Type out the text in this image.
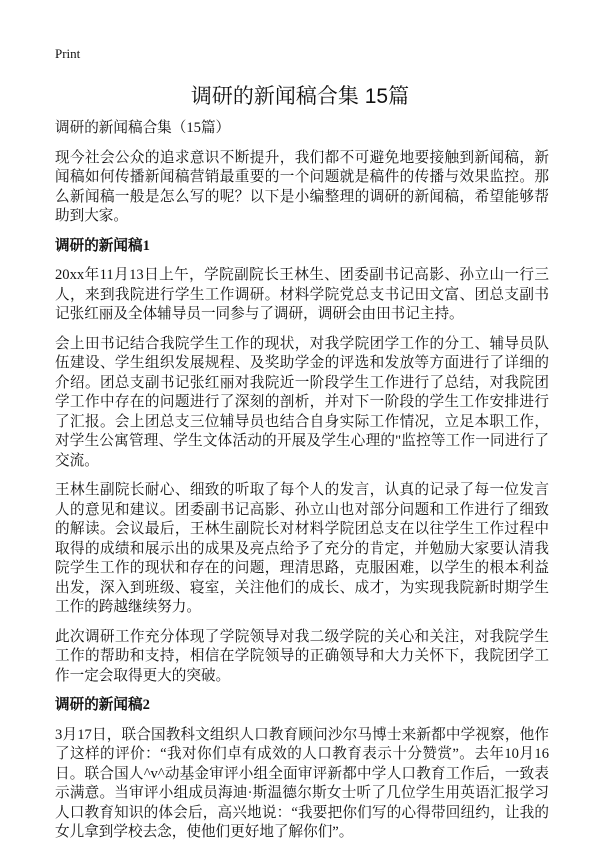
Print
调研的新闻稿合集 15篇

调研的新闻稿合集（15篇）

现今社会公众的追求意识不断提升，我们都不可避免地要接触到新闻稿，新闻稿如何传播新闻稿营销最重要的一个问题就是稿件的传播与效果监控。那么新闻稿一般是怎么写的呢？以下是小编整理的调研的新闻稿，希望能够帮助到大家。

调研的新闻稿1

20xx年11月13日上午，学院副院长王林生、团委副书记高影、孙立山一行三人，来到我院进行学生工作调研。材料学院党总支书记田文富、团总支副书记张红丽及全体辅导员一同参与了调研，调研会由田书记主持。

会上田书记结合我院学生工作的现状，对我学院团学工作的分工、辅导员队伍建设、学生组织发展规程、及奖助学金的评选和发放等方面进行了详细的介绍。团总支副书记张红丽对我院近一阶段学生工作进行了总结，对我院团学工作中存在的问题进行了深刻的剖析，并对下一阶段的学生工作安排进行了汇报。会上团总支三位辅导员也结合自身实际工作情况，立足本职工作，对学生公寓管理、学生文体活动的开展及学生心理的"监控等工作一同进行了交流。

王林生副院长耐心、细致的听取了每个人的发言，认真的记录了每一位发言人的意见和建议。团委副书记高影、孙立山也对部分问题和工作进行了细致的解读。会议最后，王林生副院长对材料学院团总支在以往学生工作过程中取得的成绩和展示出的成果及亮点给予了充分的肯定，并勉励大家要认清我院学生工作的现状和存在的问题，理清思路，克服困难，以学生的根本利益出发，深入到班级、寝室，关注他们的成长、成才，为实现我院新时期学生工作的跨越继续努力。

此次调研工作充分体现了学院领导对我二级学院的关心和关注，对我院学生工作的帮助和支持，相信在学院领导的正确领导和大力关怀下，我院团学工作一定会取得更大的突破。

调研的新闻稿2

3月17日，联合国教科文组织人口教育顾问沙尔马博士来新都中学视察，他作了这样的评价：“我对你们卓有成效的人口教育表示十分赞赏”。去年10月16日。联合国人^v^动基金审评小组全面审评新都中学人口教育工作后，一致表示满意。当审评小组成员海迪·斯温德尔斯女士听了几位学生用英语汇报学习人口教育知识的体会后，高兴地说：“我要把你们写的心得带回纽约，让我的女儿拿到学校去念，使他们更好地了解你们”。
